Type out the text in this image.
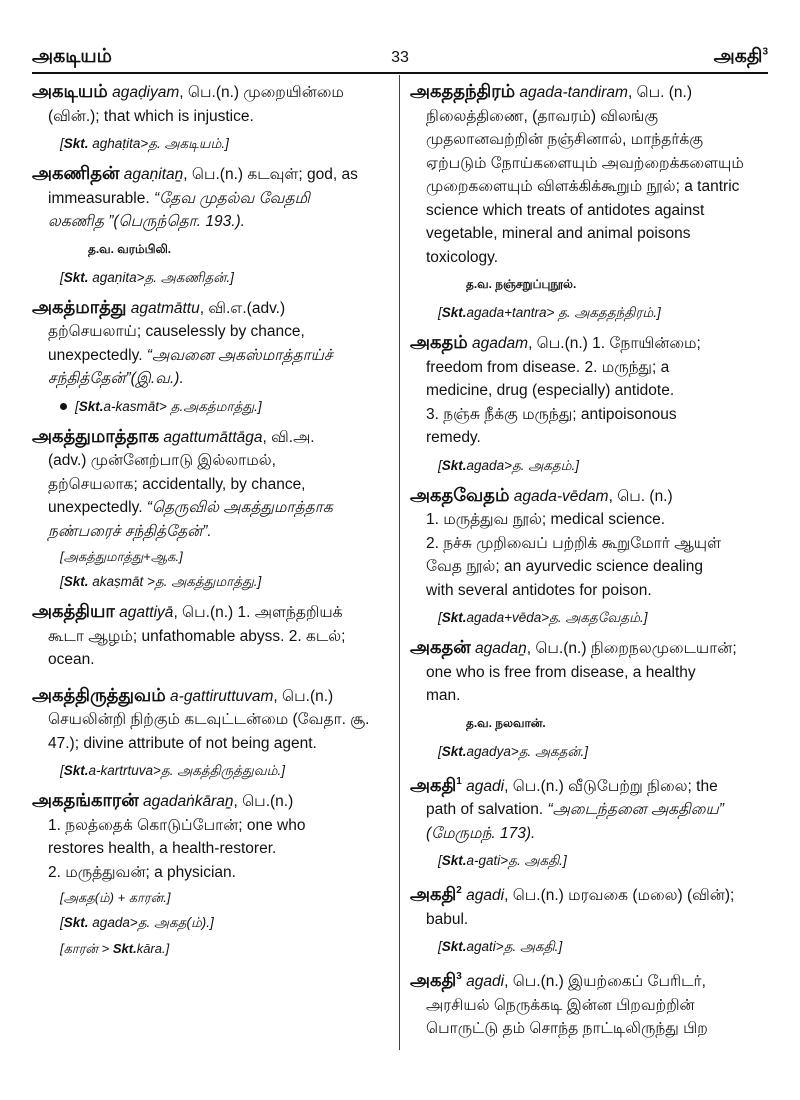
அகடியம்	33	அகதி$^3$
அகடியம் agaḍiyam, பெ.(n.) முறையின்மை
(வின்.); that which is injustice.
[Skt. aghaṭita>த. அகடியம்.]
அகணிதன் agaṇitaṉ, பெ.(n.) கடவுள்; god, as
immeasurable. “தேவ முதல்வ வேதமி
லகணித ”(பெருந்தொ. 193.).
த.வ. வரம்பிலி.
[Skt. agaṇita>த. அகணிதன்.]
அகத்மாத்து agatmāttu, வி.எ.(adv.)
தற்செயலாய்; causelessly by chance,
unexpectedly. “அவனை அகஸ்மாத்தாய்ச்
சந்தித்தேன்”(இ.வ.).
[Skt.a-kasmāt> த.அகத்மாத்து.]
அகத்துமாத்தாக agattumāttāga, வி.அ.
(adv.) முன்னேற்பாடு இல்லாமல்,
தற்செயலாக; accidentally, by chance,
unexpectedly. “தெருவில் அகத்துமாத்தாக
நண்பரைச் சந்தித்தேன்”.
[அகத்துமாத்து+ஆக.]
[Skt. akaṣmāt >த. அகத்துமாத்து.]
அகத்தியா agattiyā, பெ.(n.) 1. அளந்தறியக்
கூடா ஆழம்; unfathomable abyss. 2. கடல்;
ocean.
அகத்திருத்துவம் a-gattiruttuvam, பெ.(n.)
செயலின்றி நிற்கும் கடவுட்டன்மை (வேதா. சூ.
47.); divine attribute of not being agent.
[Skt.a-kartrtuva>த. அகத்திருத்துவம்.]
அகதங்காரன் agadaṅkāraṉ, பெ.(n.)
1. நலத்தைக் கொடுப்போன்; one who
restores health, a health-restorer.
2. மருத்துவன்; a physician.
[அகத(ம்) + காரன்.]
[Skt. agada>த. அகத(ம்).]
[காரன் > Skt.kāra.]
அகததந்திரம் agada-tandiram, பெ. (n.)
நிலைத்திணை, (தாவரம்) விலங்கு
முதலானவற்றின் நஞ்சினால், மாந்தர்க்கு
ஏற்படும் நோய்களையும் அவற்றைக்களையும்
முறைகளையும் விளக்கிக்கூறும் நூல்; a tantric
science which treats of antidotes against
vegetable, mineral and animal poisons
toxicology.
த.வ. நஞ்சறுப்புநூல்.
[Skt.agada+tantra> த. அகததந்திரம்.]
அகதம் agadam, பெ.(n.) 1. நோயின்மை;
freedom from disease. 2. மருந்து; a
medicine, drug (especially) antidote.
3. நஞ்சு நீக்கு மருந்து; antipoisonous
remedy.
[Skt.agada>த. அகதம்.]
அகதவேதம் agada-vēdam, பெ. (n.)
1. மருத்துவ நூல்; medical science.
2. நச்சு முறிவைப் பற்றிக் கூறுமோர் ஆயுள்
வேத நூல்; an ayurvedic science dealing
with several antidotes for poison.
[Skt.agada+vēda>த. அகதவேதம்.]
அகதன் agadaṉ, பெ.(n.) நிறைநலமுடையான்;
one who is free from disease, a healthy
man.
த.வ. நலவான்.
[Skt.agadya>த. அகதன்.]
அகதி$^1$ agadi, பெ.(n.) வீடுபேற்று நிலை; the
path of salvation. “அடைந்தனை அகதியை”
(மேருமந். 173).
[Skt.a-gati>த. அகதி.]
அகதி$^2$ agadi, பெ.(n.) மரவகை (மலை) (வின்);
babul.
[Skt.agati>த. அகதி.]
அகதி$^3$ agadi, பெ.(n.) இயற்கைப் பேரிடர்,
அரசியல் நெருக்கடி இன்ன பிறவற்றின்
பொருட்டு தம் சொந்த நாட்டிலிருந்து பிற
